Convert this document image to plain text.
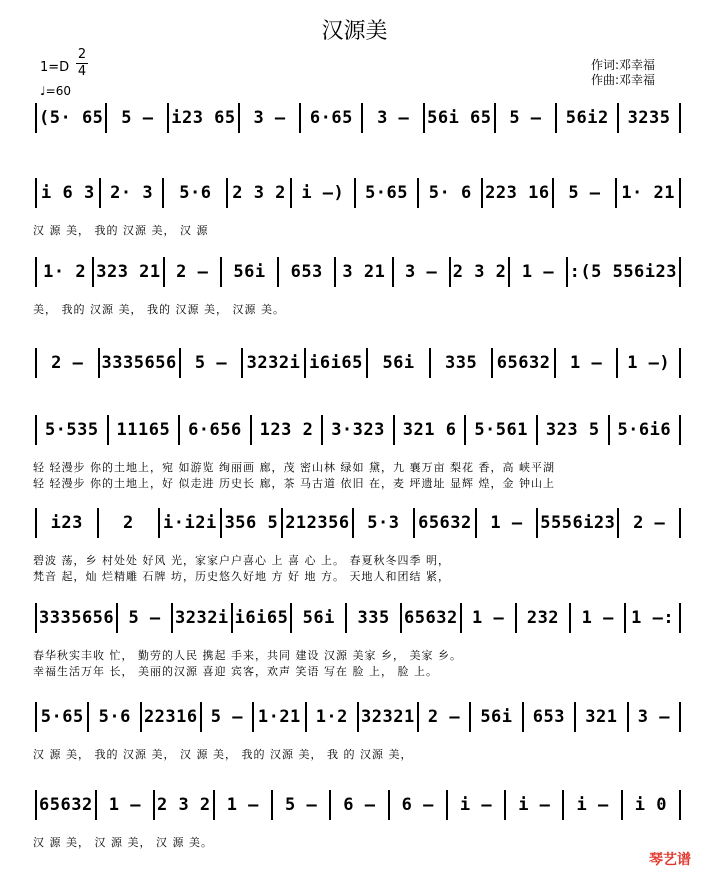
汉源美
1=D
2
4
♩=60
作词:邓幸福
作曲:邓幸福
(5· 65	5 —	i23 65	3 —	6·65	3 —	56i 65	5 —	56i2	3235
i 6 3 2· 3	5·6	2 3 2 i —)	5·65	5· 6 223 16	5 —	1· 21
汉 源 美， 我的 汉源 美， 汉 源
1· 2 323 21 2 —	56i	653	3 21	3 — 2 3 2 1 — :(5 556i23
美， 我的 汉源 美， 我的 汉源 美， 汉源 美。
2 —	3335656	5 —	3232i i6i65	56i	335	65632	1 —	1 —)
5·535	11165	6·656	123 2	3·323	321 6	5·561	323 5	5·6i6
轻 轻漫步 你的土地上，宛 如游览 绚丽画 廊，茂 密山林 绿如 黛，九 襄万亩 梨花 香，高 峡平湖
轻 轻漫步 你的土地上，好 似走进 历史长 廊，茶 马古道 依旧 在，麦 坪遗址 显辉 煌，金 钟山上
i23	2	i·i2i 356 5 212356	5·3	65632	1 —	5556i23	2 —
碧波 荡，乡 村处处 好风 光，家家户户喜心 上 喜 心 上。 春夏秋冬四季 明，
梵音 起，灿 烂精雕 石牌 坊，历史悠久好地 方 好 地 方。 天地人和团结 紧，
3335656 5 — 3232i i6i65 56i	335 65632 1 —	232	1 —	1 —:
春华秋实丰收 忙， 勤劳的人民 携起 手来，共同 建设 汉源 美家 乡， 美家 乡。
幸福生活万年 长， 美丽的汉源 喜迎 宾客，欢声 笑语 写在 脸 上， 脸 上。
5·65 5·6 22316 5 — 1·21 1·2 32321 2 —	56i	653	321	3 —
汉 源 美， 我的 汉源 美， 汉 源 美， 我的 汉源 美， 我 的 汉源 美，
65632 1 — 2 3 2 1 —	5 —	6 —	6 —	i —	i —	i —	i 0
汉 源 美， 汉 源 美， 汉 源 美。
琴艺谱
